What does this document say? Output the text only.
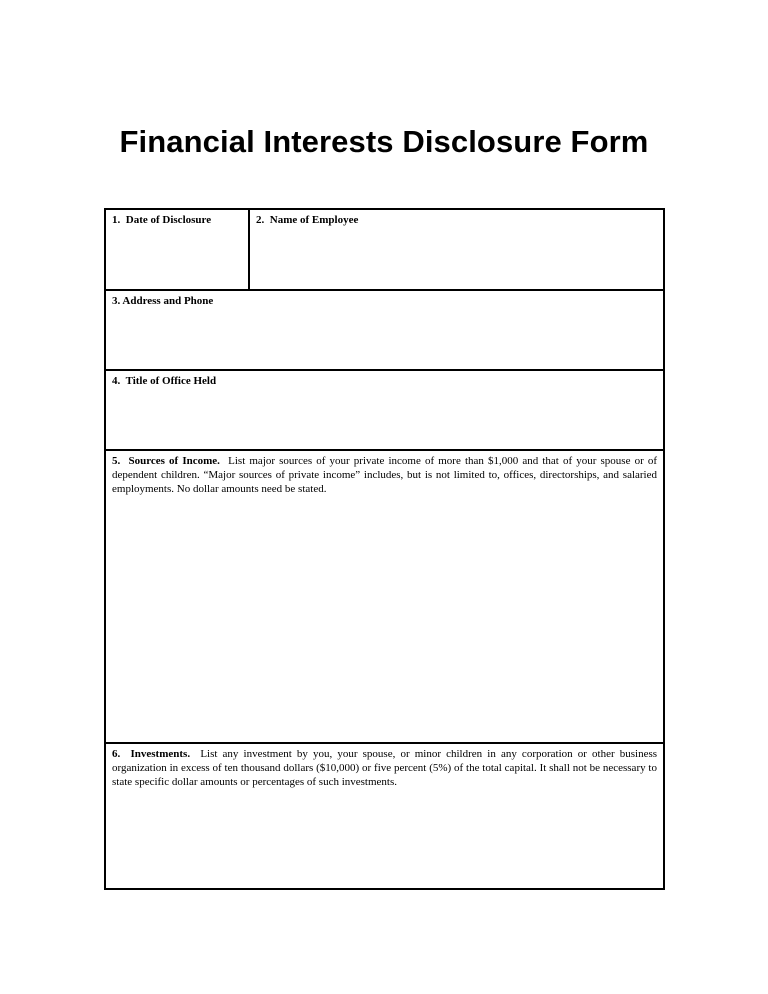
Financial Interests Disclosure Form
1. Date of Disclosure	2. Name of Employee

3. Address and Phone

4. Title of Office Held

5. Sources of Income. List major sources of your private income of more than $1,000 and that of your spouse or of dependent children. “Major sources of private income” includes, but is not limited to, offices, directorships, and salaried employments. No dollar amounts need be stated.

6. Investments. List any investment by you, your spouse, or minor children in any corporation or other business organization in excess of ten thousand dollars ($10,000) or five percent (5%) of the total capital. It shall not be necessary to state specific dollar amounts or percentages of such investments.
